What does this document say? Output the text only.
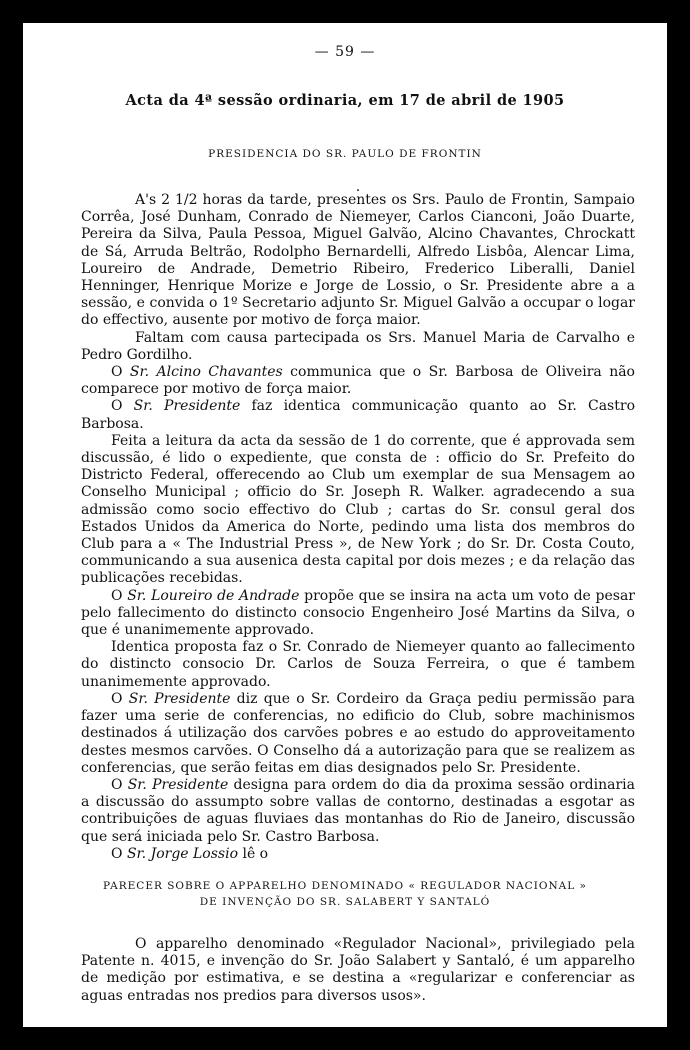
— 59 —
Acta da 4ª sessão ordinaria, em 17 de abril de 1905
PRESIDENCIA DO SR. PAULO DE FRONTIN

.

A's 2 1/2 horas da tarde, presentes os Srs. Paulo de Frontin, Sampaio Corrêa, José Dunham, Conrado de Niemeyer, Carlos Cianconi, João Duarte, Pereira da Silva, Paula Pessoa, Miguel Galvão, Alcino Chavantes, Chrockatt de Sá, Arruda Beltrão, Rodolpho Bernardelli, Alfredo Lisbôa, Alencar Lima, Loureiro de Andrade, Demetrio Ribeiro, Frederico Liberalli, Daniel Henninger, Henrique Morize e Jorge de Lossio, o Sr. Presidente abre a a sessão, e convida o 1º Secretario adjunto Sr. Miguel Galvão a occupar o logar do effectivo, ausente por motivo de força maior.

Faltam com causa partecipada os Srs. Manuel Maria de Carvalho e Pedro Gordilho.

O Sr. Alcino Chavantes communica que o Sr. Barbosa de Oliveira não comparece por motivo de força maior.

O Sr. Presidente faz identica communicação quanto ao Sr. Castro Barbosa.

Feita a leitura da acta da sessão de 1 do corrente, que é approvada sem discussão, é lido o expediente, que consta de : officio do Sr. Prefeito do Districto Federal, offerecendo ao Club um exemplar de sua Mensagem ao Conselho Municipal ; officio do Sr. Joseph R. Walker. agradecendo a sua admissão como socio effectivo do Club ; cartas do Sr. consul geral dos Estados Unidos da America do Norte, pedindo uma lista dos membros do Club para a « The Industrial Press », de New York ; do Sr. Dr. Costa Couto, communicando a sua ausenica desta capital por dois mezes ; e da relação das publicações recebidas.

O Sr. Loureiro de Andrade propõe que se insira na acta um voto de pesar pelo fallecimento do distincto consocio Engenheiro José Martins da Silva, o que é unanimemente approvado.

Identica proposta faz o Sr. Conrado de Niemeyer quanto ao fallecimento do distincto consocio Dr. Carlos de Souza Ferreira, o que é tambem unanimemente approvado.

O Sr. Presidente diz que o Sr. Cordeiro da Graça pediu permissão para fazer uma serie de conferencias, no edificio do Club, sobre machinismos destinados á utilização dos carvões pobres e ao estudo do approveitamento destes mesmos carvões. O Conselho dá a autorização para que se realizem as conferencias, que serão feitas em dias designados pelo Sr. Presidente.

O Sr. Presidente designa para ordem do dia da proxima sessão ordinaria a discussão do assumpto sobre vallas de contorno, destinadas a esgotar as contribuições de aguas fluviaes das montanhas do Rio de Janeiro, discussão que será iniciada pelo Sr. Castro Barbosa.

O Sr. Jorge Lossio lê o

PARECER SOBRE O APPARELHO DENOMINADO « REGULADOR NACIONAL »
DE INVENÇÃO DO SR. SALABERT Y SANTALÓ

O apparelho denominado «Regulador Nacional», privilegiado pela Patente n. 4015, e invenção do Sr. João Salabert y Santaló, é um apparelho de medição por estimativa, e se destina a «regularizar e conferenciar as aguas entradas nos predios para diversos usos».
